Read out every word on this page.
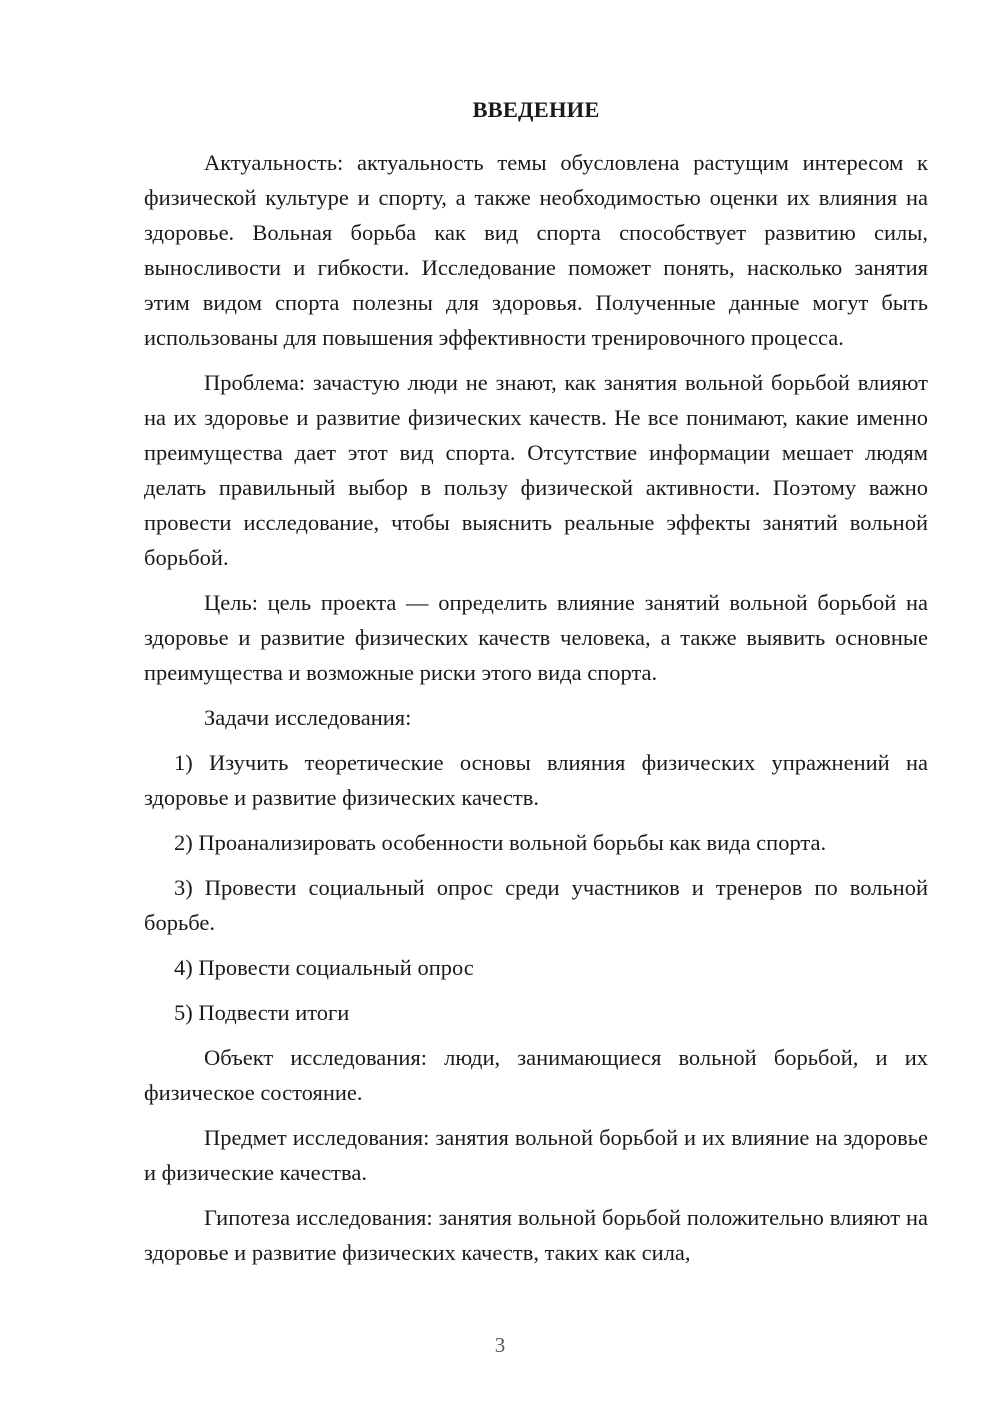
ВВЕДЕНИЕ

Актуальность: актуальность темы обусловлена растущим интересом к физической культуре и спорту, а также необходимостью оценки их влияния на здоровье. Вольная борьба как вид спорта способствует развитию силы, выносливости и гибкости. Исследование поможет понять, насколько занятия этим видом спорта полезны для здоровья. Полученные данные могут быть использованы для повышения эффективности тренировочного процесса.

Проблема: зачастую люди не знают, как занятия вольной борьбой влияют на их здоровье и развитие физических качеств. Не все понимают, какие именно преимущества дает этот вид спорта. Отсутствие информации мешает людям делать правильный выбор в пользу физической активности. Поэтому важно провести исследование, чтобы выяснить реальные эффекты занятий вольной борьбой.

Цель: цель проекта — определить влияние занятий вольной борьбой на здоровье и развитие физических качеств человека, а также выявить основные преимущества и возможные риски этого вида спорта.

Задачи исследования:

1) Изучить теоретические основы влияния физических упражнений на здоровье и развитие физических качеств.

2) Проанализировать особенности вольной борьбы как вида спорта.

3) Провести социальный опрос среди участников и тренеров по вольной борьбе.

4) Провести социальный опрос

5) Подвести итоги

Объект исследования: люди, занимающиеся вольной борьбой, и их физическое состояние.

Предмет исследования: занятия вольной борьбой и их влияние на здоровье и физические качества.

Гипотеза исследования: занятия вольной борьбой положительно влияют на здоровье и развитие физических качеств, таких как сила,

3
